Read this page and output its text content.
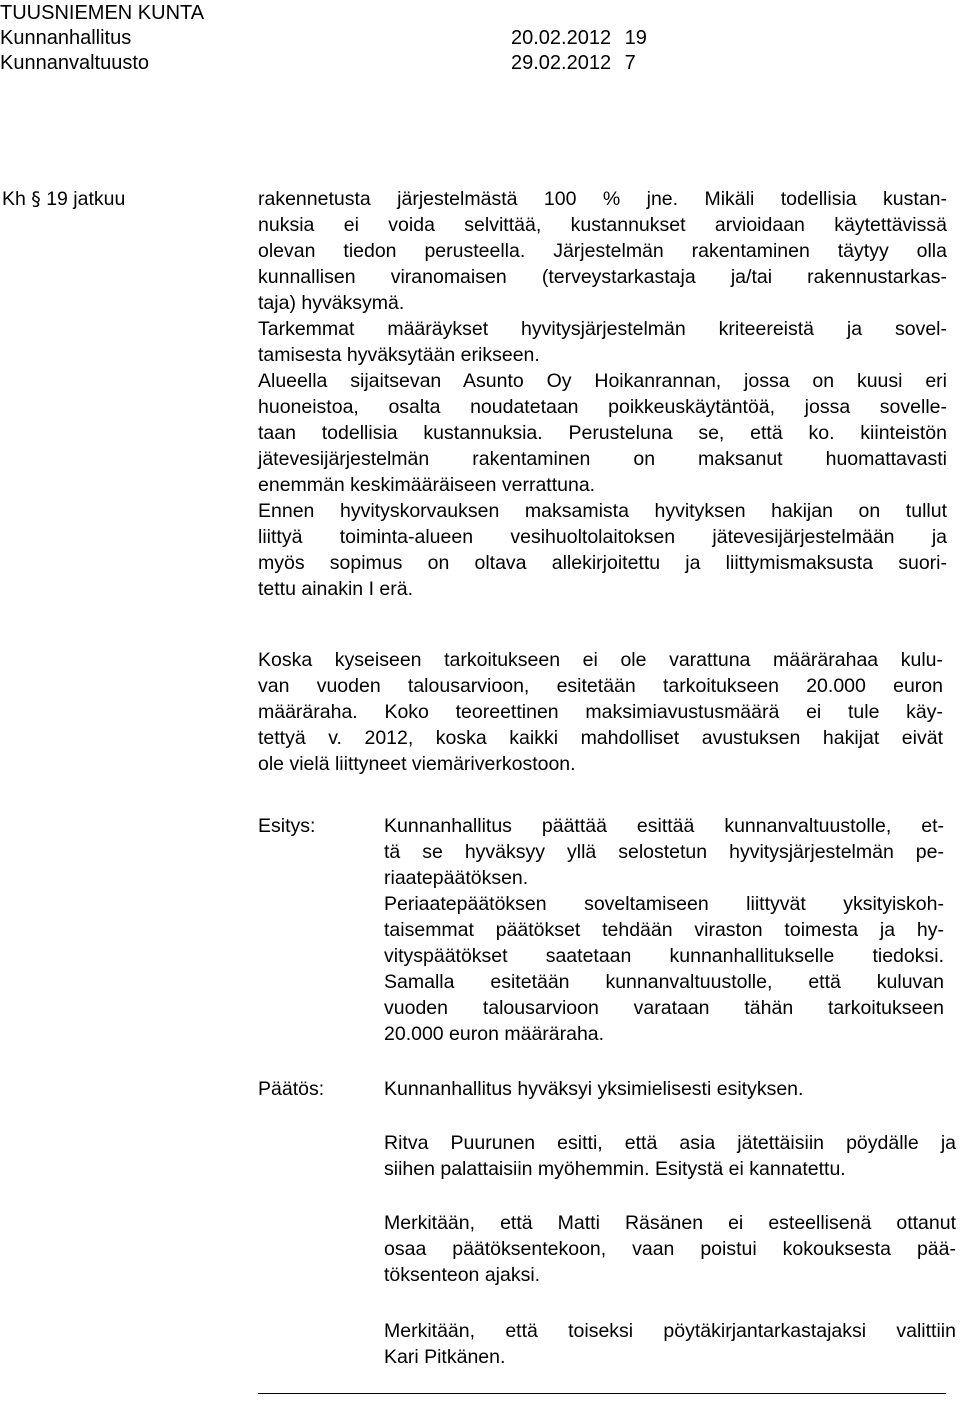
TUUSNIEMEN KUNTA
Kunnanhallitus	20.02.2012 19
Kunnanvaltuusto	29.02.2012 7
Kh § 19 jatkuu	rakennetusta järjestelmästä 100 % jne. Mikäli todellisia kustan-
nuksia ei voida selvittää, kustannukset arvioidaan käytettävissä
olevan tiedon perusteella. Järjestelmän rakentaminen täytyy olla
kunnallisen viranomaisen (terveystarkastaja ja/tai rakennustarkas-
taja) hyväksymä.
Tarkemmat määräykset hyvitysjärjestelmän kriteereistä ja sovel-
tamisesta hyväksytään erikseen.
Alueella sijaitsevan Asunto Oy Hoikanrannan, jossa on kuusi eri
huoneistoa, osalta noudatetaan poikkeuskäytäntöä, jossa sovelle-
taan todellisia kustannuksia. Perusteluna se, että ko. kiinteistön
jätevesijärjestelmän rakentaminen on maksanut huomattavasti
enemmän keskimääräiseen verrattuna.
Ennen hyvityskorvauksen maksamista hyvityksen hakijan on tullut
liittyä toiminta-alueen vesihuoltolaitoksen jätevesijärjestelmään ja
myös sopimus on oltava allekirjoitettu ja liittymismaksusta suori-
tettu ainakin I erä.
Koska kyseiseen tarkoitukseen ei ole varattuna määrärahaa kulu-
van vuoden talousarvioon, esitetään tarkoitukseen 20.000 euron
määräraha. Koko teoreettinen maksimiavustusmäärä ei tule käy-
tettyä v. 2012, koska kaikki mahdolliset avustuksen hakijat eivät
ole vielä liittyneet viemäriverkostoon.
Esitys:	Kunnanhallitus päättää esittää kunnanvaltuustolle, et-
tä se hyväksyy yllä selostetun hyvitysjärjestelmän pe-
riaatepäätöksen.
Periaatepäätöksen soveltamiseen liittyvät yksityiskoh-
taisemmat päätökset tehdään viraston toimesta ja hy-
vityspäätökset saatetaan kunnanhallitukselle tiedoksi.
Samalla esitetään kunnanvaltuustolle, että kuluvan
vuoden talousarvioon varataan tähän tarkoitukseen
20.000 euron määräraha.
Päätös:	Kunnanhallitus hyväksyi yksimielisesti esityksen.
Ritva Puurunen esitti, että asia jätettäisiin pöydälle ja
siihen palattaisiin myöhemmin. Esitystä ei kannatettu.
Merkitään, että Matti Räsänen ei esteellisenä ottanut
osaa päätöksentekoon, vaan poistui kokouksesta pää-
töksenteon ajaksi.
Merkitään, että toiseksi pöytäkirjantarkastajaksi valittiin
Kari Pitkänen.
